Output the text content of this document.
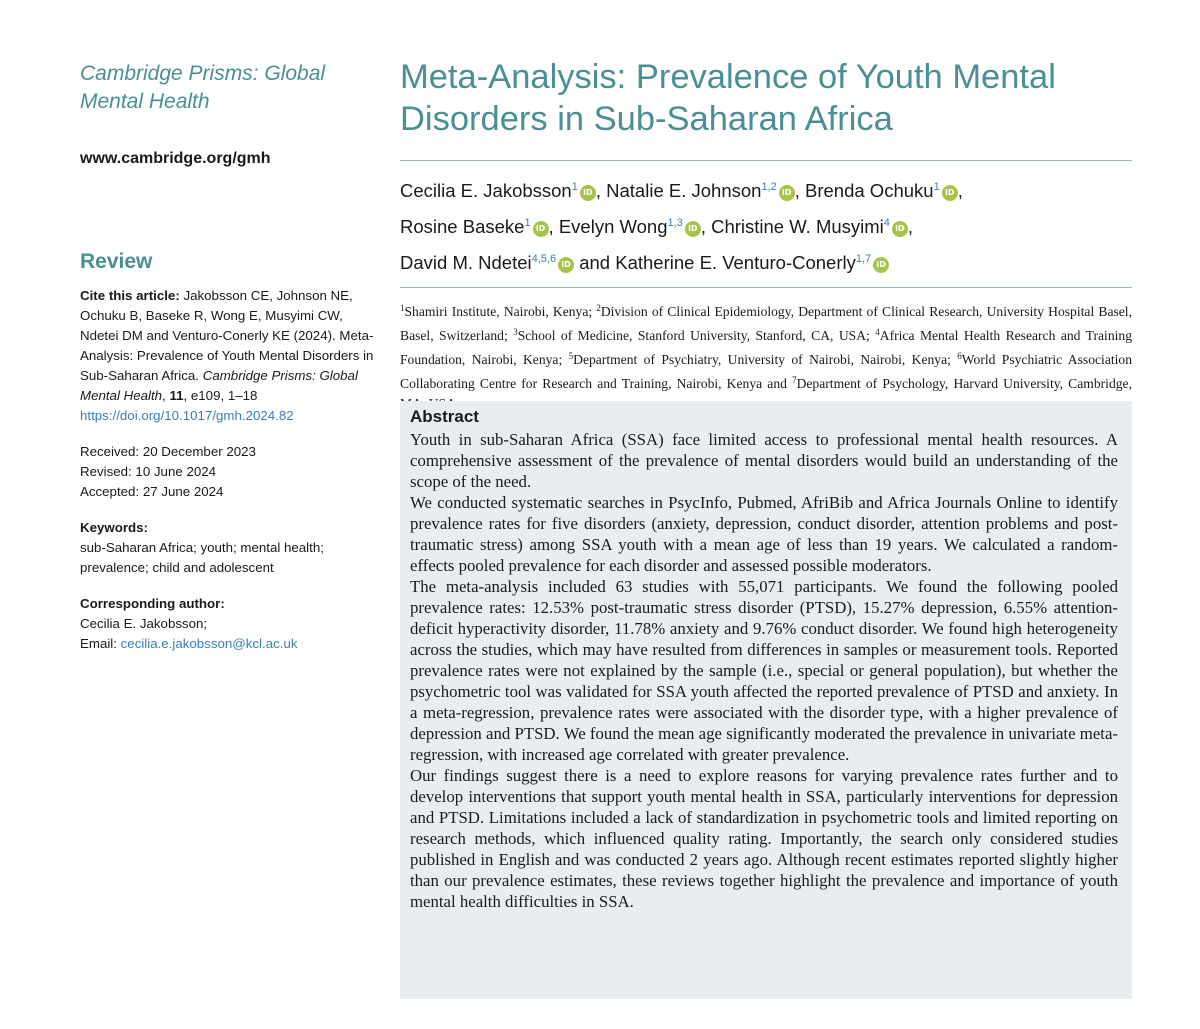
Cambridge Prisms: Global Mental Health
www.cambridge.org/gmh
Review
Cite this article: Jakobsson CE, Johnson NE, Ochuku B, Baseke R, Wong E, Musyimi CW, Ndetei DM and Venturo-Conerly KE (2024). Meta-Analysis: Prevalence of Youth Mental Disorders in Sub-Saharan Africa. Cambridge Prisms: Global Mental Health, 11, e109, 1–18
https://doi.org/10.1017/gmh.2024.82
Received: 20 December 2023
Revised: 10 June 2024
Accepted: 27 June 2024
Keywords:
sub-Saharan Africa; youth; mental health; prevalence; child and adolescent
Corresponding author:
Cecilia E. Jakobsson;
Email: cecilia.e.jakobsson@kcl.ac.uk
Meta-Analysis: Prevalence of Youth Mental Disorders in Sub-Saharan Africa
Cecilia E. Jakobsson$^1$ iD , Natalie E. Johnson$^{1,2}$ iD , Brenda Ochuku$^1$ iD ,
Rosine Baseke$^1$ iD , Evelyn Wong$^{1,3}$ iD , Christine W. Musyimi$^4$ iD ,
David M. Ndetei$^{4,5,6}$ iD and Katherine E. Venturo-Conerly$^{1,7}$ iD
$^1$Shamiri Institute, Nairobi, Kenya; $^2$Division of Clinical Epidemiology, Department of Clinical Research, University Hospital Basel, Basel, Switzerland; $^3$School of Medicine, Stanford University, Stanford, CA, USA; $^4$Africa Mental Health Research and Training Foundation, Nairobi, Kenya; $^5$Department of Psychiatry, University of Nairobi, Nairobi, Kenya; $^6$World Psychiatric Association Collaborating Centre for Research and Training, Nairobi, Kenya and $^7$Department of Psychology, Harvard University, Cambridge,
Abstract

Youth in sub-Saharan Africa (SSA) face limited access to professional mental health resources. A comprehensive assessment of the prevalence of mental disorders would build an understanding of the scope of the need.

We conducted systematic searches in PsycInfo, Pubmed, AfriBib and Africa Journals Online to identify prevalence rates for five disorders (anxiety, depression, conduct disorder, attention problems and post-traumatic stress) among SSA youth with a mean age of less than 19 years. We calculated a random-effects pooled prevalence for each disorder and assessed possible moderators.

The meta-analysis included 63 studies with 55,071 participants. We found the following pooled prevalence rates: 12.53% post-traumatic stress disorder (PTSD), 15.27% depression, 6.55% attention-deficit hyperactivity disorder, 11.78% anxiety and 9.76% conduct disorder. We found high heterogeneity across the studies, which may have resulted from differences in samples or measurement tools. Reported prevalence rates were not explained by the sample (i.e., special or general population), but whether the psychometric tool was validated for SSA youth affected the reported prevalence of PTSD and anxiety. In a meta-regression, prevalence rates were associated with the disorder type, with a higher prevalence of depression and PTSD. We found the mean age significantly moderated the prevalence in univariate meta-regression, with increased age correlated with greater prevalence.

Our findings suggest there is a need to explore reasons for varying prevalence rates further and to develop interventions that support youth mental health in SSA, particularly interventions for depression and PTSD. Limitations included a lack of standardization in psychometric tools and limited reporting on research methods, which influenced quality rating. Importantly, the search only considered studies published in English and was conducted 2 years ago. Although recent estimates reported slightly higher than our prevalence estimates, these reviews together highlight the prevalence and importance of youth mental health difficulties in SSA.
